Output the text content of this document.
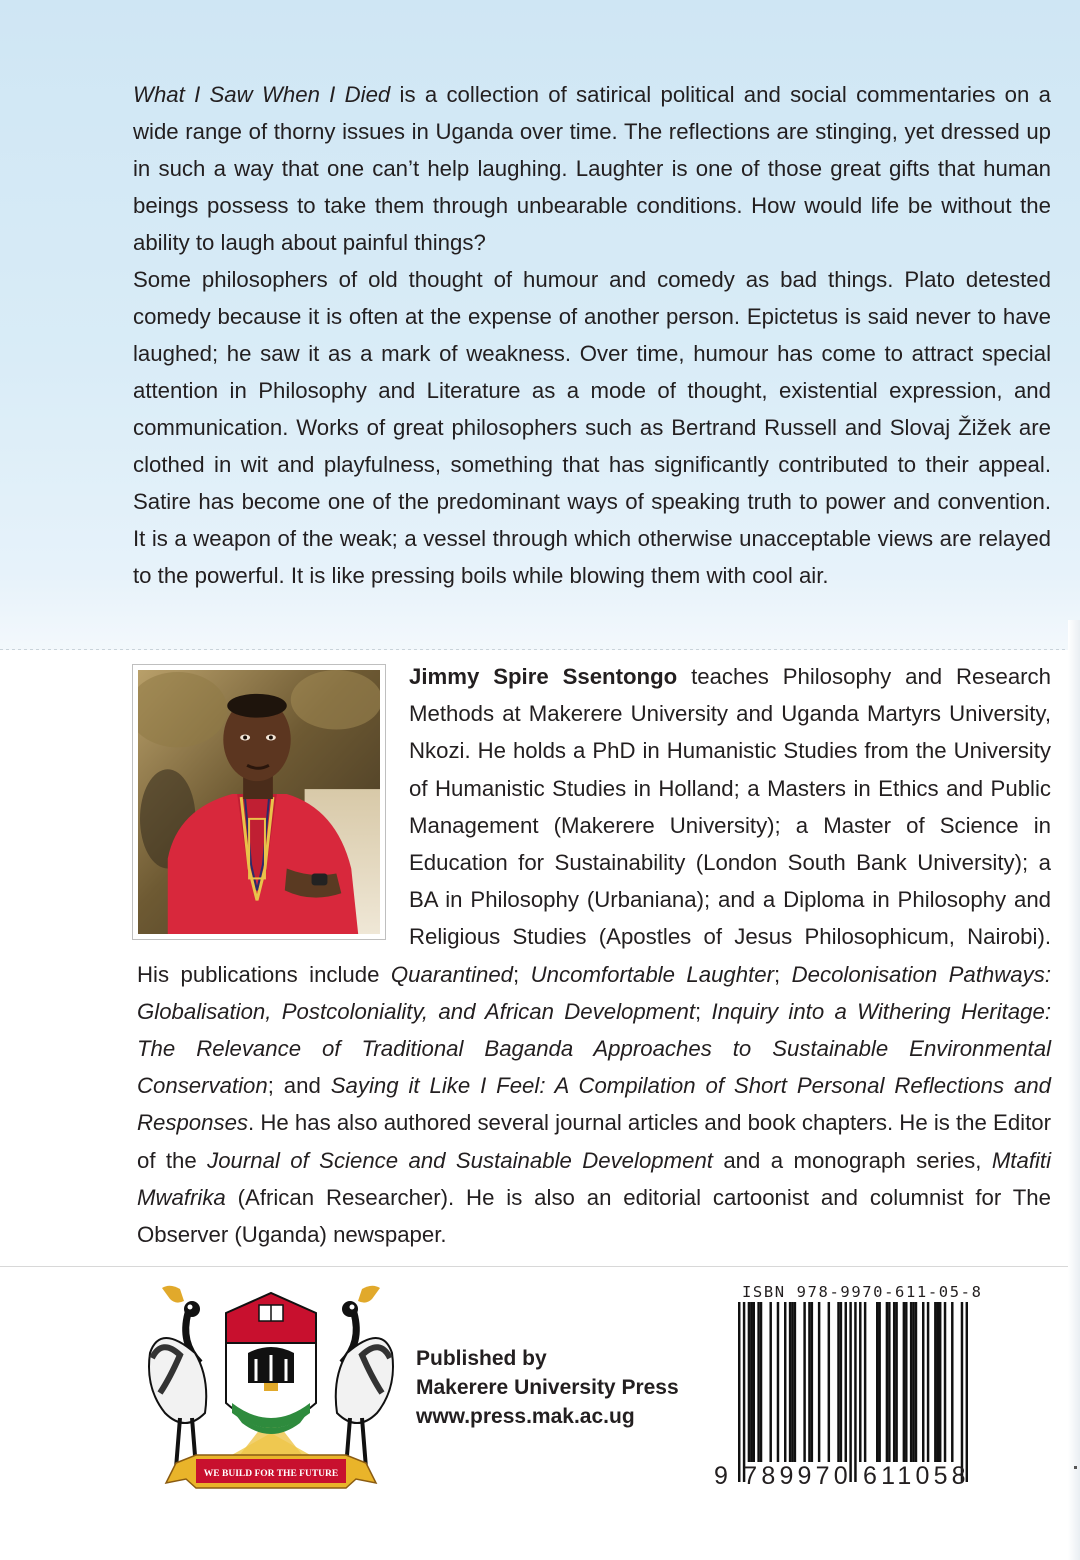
What I Saw When I Died is a collection of satirical political and social commentaries on a wide range of thorny issues in Uganda over time. The reflections are stinging, yet dressed up in such a way that one can’t help laughing. Laughter is one of those great gifts that human beings possess to take them through unbearable conditions. How would life be without the ability to laugh about painful things?

Some philosophers of old thought of humour and comedy as bad things. Plato detested comedy because it is often at the expense of another person. Epictetus is said never to have laughed; he saw it as a mark of weakness. Over time, humour has come to attract special attention in Philosophy and Literature as a mode of thought, existential expression, and communication. Works of great philosophers such as Bertrand Russell and Slovaj Žižek are clothed in wit and playfulness, something that has significantly contributed to their appeal. Satire has become one of the predominant ways of speaking truth to power and convention. It is a weapon of the weak; a vessel through which otherwise unacceptable views are relayed to the powerful. It is like pressing boils while blowing them with cool air.

Jimmy Spire Ssentongo teaches Philosophy and Research Methods at Makerere University and Uganda Martyrs University, Nkozi. He holds a PhD in Humanistic Studies from the University of Humanistic Studies in Holland; a Masters in Ethics and Public Management (Makerere University); a Master of Science in Education for Sustainability (London South Bank University); a BA in Philosophy (Urbaniana); and a Diploma in Philosophy and Religious Studies (Apostles of Jesus Philosophicum, Nairobi). His publications include Quarantined; Uncomfortable Laughter; Decolonisation Pathways: Globalisation, Postcoloniality, and African Development; Inquiry into a Withering Heritage: The Relevance of Traditional Baganda Approaches to Sustainable Environmental Conservation; and Saying it Like I Feel: A Compilation of Short Personal Reflections and Responses. He has also authored several journal articles and book chapters. He is the Editor of the Journal of Science and Sustainable Development and a monograph series, Mtafiti Mwafrika (African Researcher). He is also an editorial cartoonist and columnist for The Observer (Uganda) newspaper.

WE BUILD FOR THE FUTURE
Published by
Makerere University Press
www.press.mak.ac.ug
ISBN 978-9970-611-05-8
9 789970 611058
